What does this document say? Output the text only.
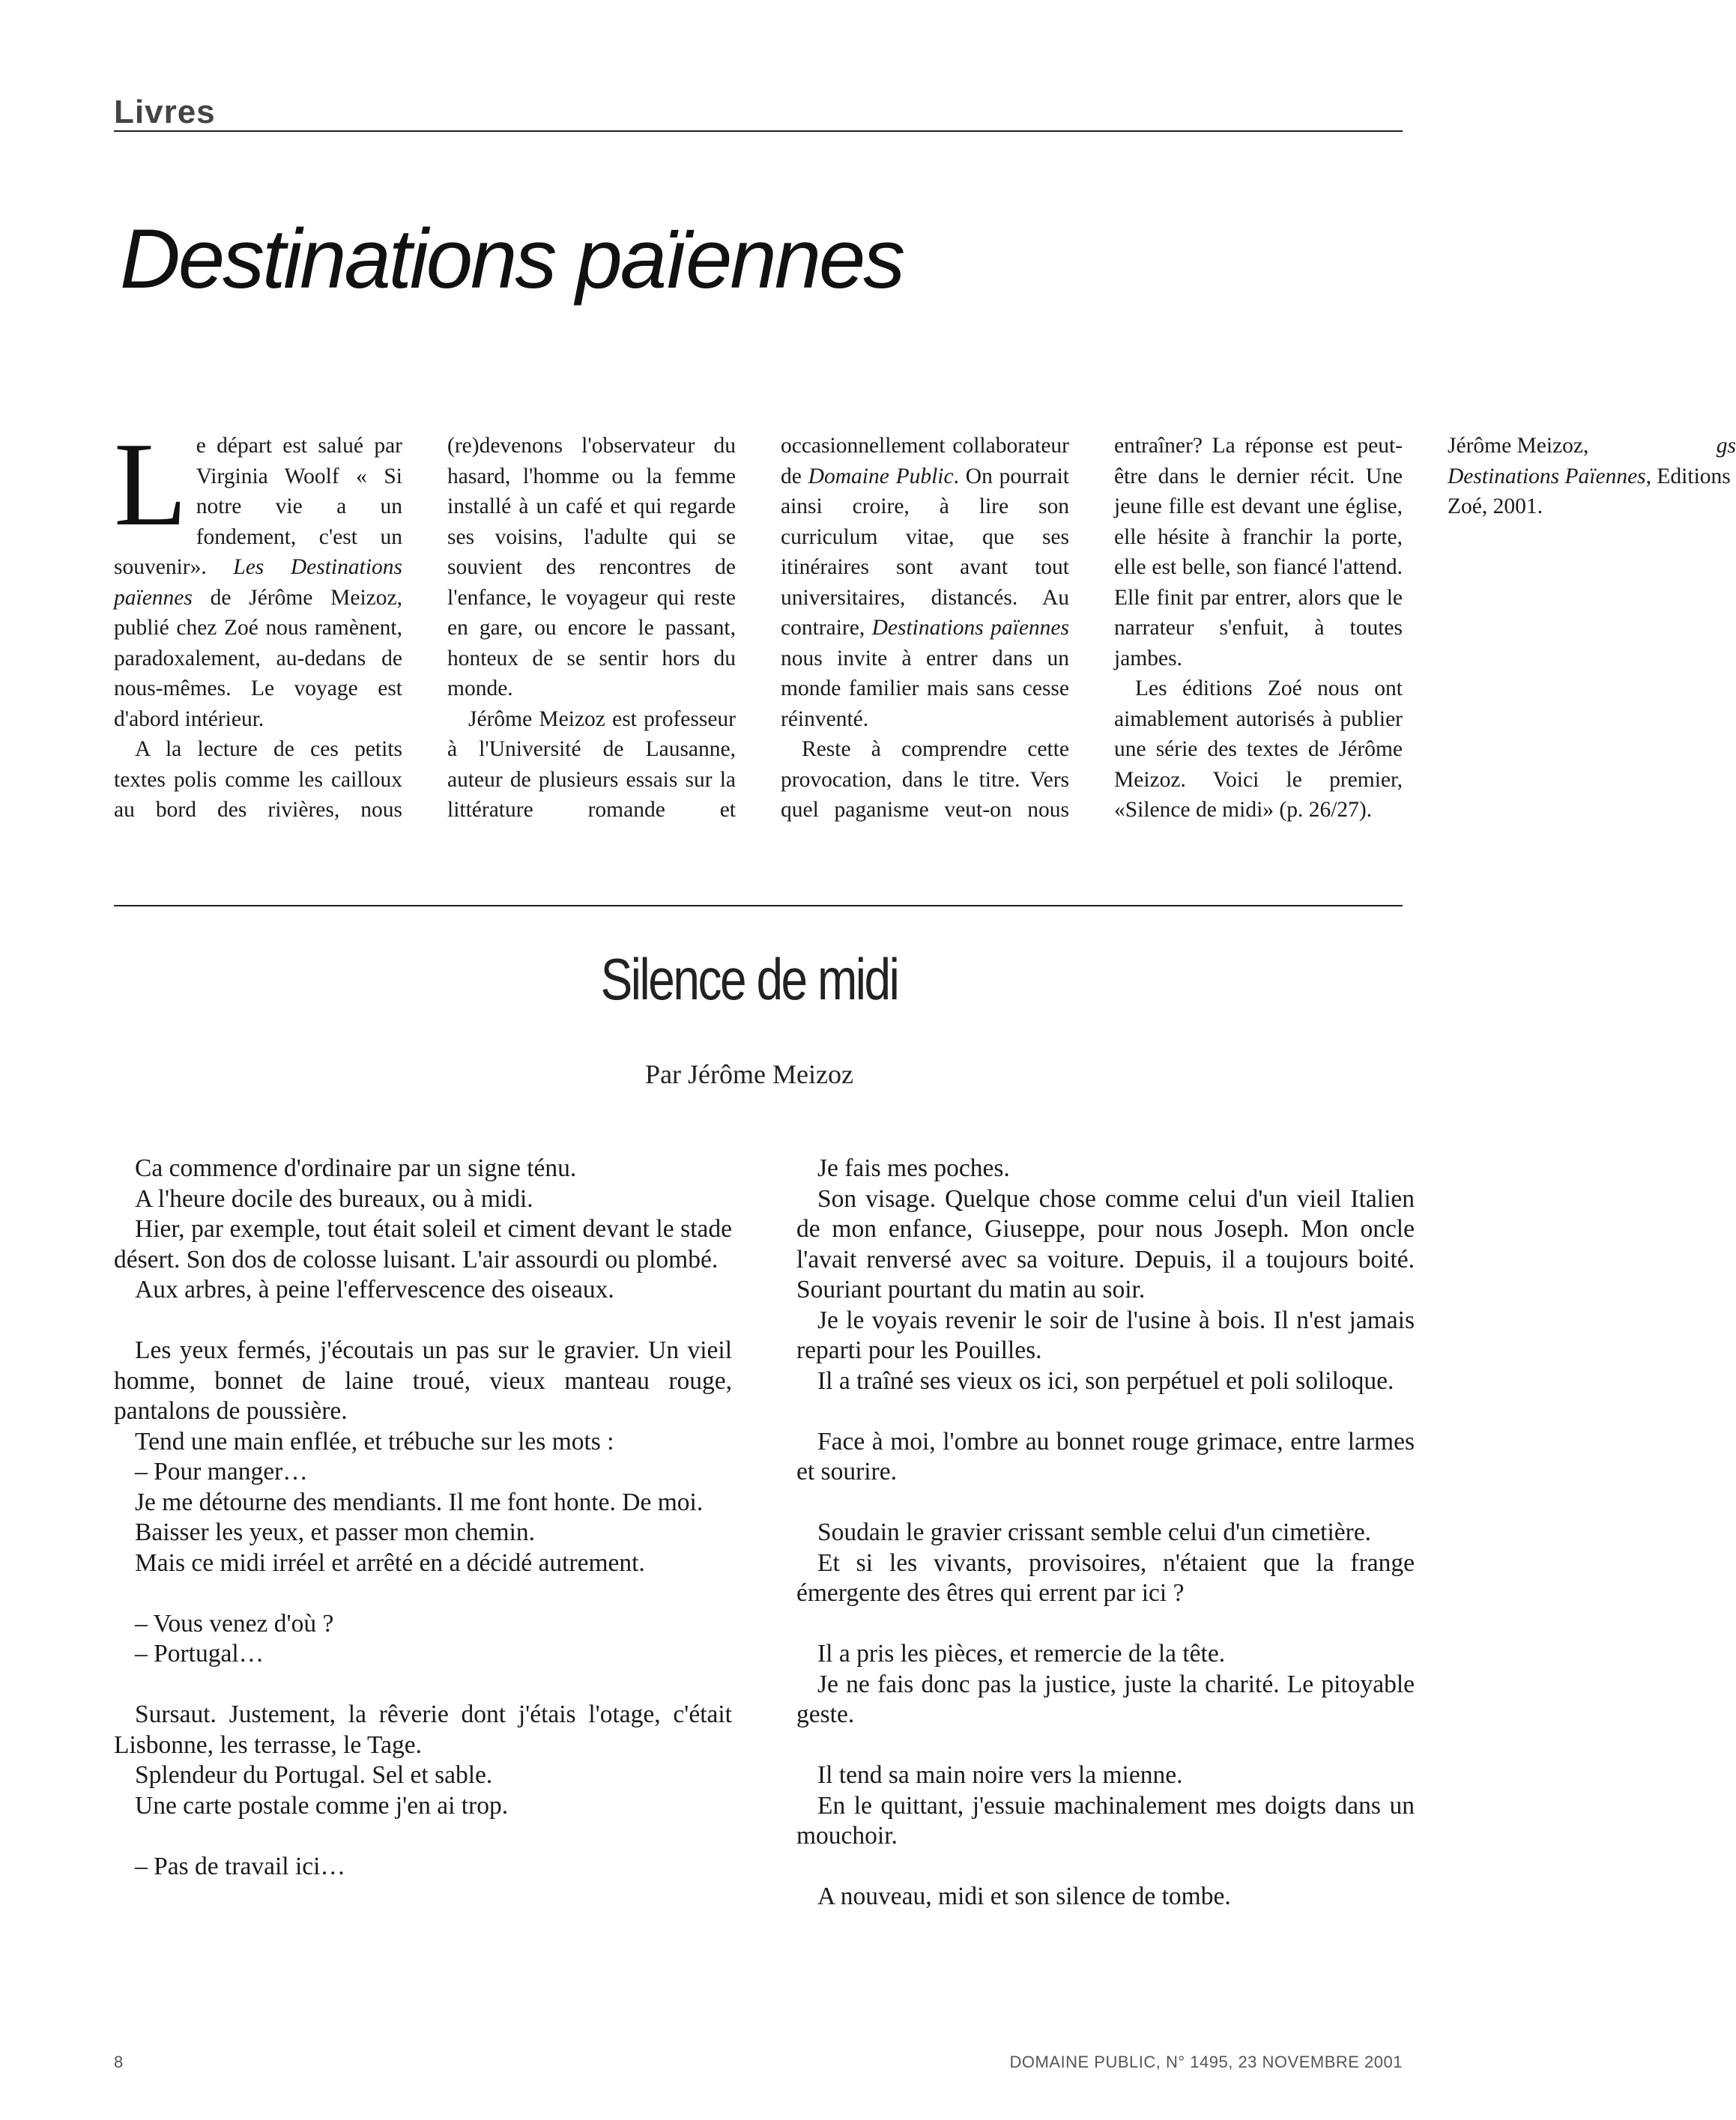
Livres
Destinations païennes

Le départ est salué par Virginia Woolf « Si notre vie a un fondement, c'est un souvenir». Les Destinations païennes de Jérôme Meizoz, publié chez Zoé nous ramènent, paradoxalement, au-dedans de nous-mêmes. Le voyage est d'abord intérieur.

A la lecture de ces petits textes polis comme les cailloux au bord des rivières, nous (re)devenons l'observateur du hasard, l'homme ou la femme installé à un café et qui regarde ses voisins, l'adulte qui se souvient des rencontres de l'enfance, le voyageur qui reste en gare, ou encore le passant, honteux de se sentir hors du monde.

Jérôme Meizoz est professeur à l'Université de Lausanne, auteur de plusieurs essais sur la littérature romande et occasionnellement collaborateur de Domaine Public. On pourrait ainsi croire, à lire son curriculum vitae, que ses itinéraires sont avant tout universitaires, distancés. Au contraire, Destinations païennes nous invite à entrer dans un monde familier mais sans cesse réinventé.

Reste à comprendre cette provocation, dans le titre. Vers quel paganisme veut-on nous entraîner? La réponse est peut-être dans le dernier récit. Une jeune fille est devant une église, elle hésite à franchir la porte, elle est belle, son fiancé l'attend. Elle finit par entrer, alors que le narrateur s'enfuit, à toutes jambes.

Les éditions Zoé nous ont aimablement autorisés à publier une série des textes de Jérôme Meizoz. Voici le premier, «Silence de midi» (p. 26/27).
gs

Jérôme Meizoz, Destinations Païennes, Editions Zoé, 2001.

Silence de midi

Par Jérôme Meizoz

Ca commence d'ordinaire par un signe ténu.

A l'heure docile des bureaux, ou à midi.

Hier, par exemple, tout était soleil et ciment devant le stade désert. Son dos de colosse luisant. L'air assourdi ou plombé.

Aux arbres, à peine l'effervescence des oiseaux.

Les yeux fermés, j'écoutais un pas sur le gravier. Un vieil homme, bonnet de laine troué, vieux manteau rouge, pantalons de poussière.

Tend une main enflée, et trébuche sur les mots :

– Pour manger…

Je me détourne des mendiants. Il me font honte. De moi.

Baisser les yeux, et passer mon chemin.

Mais ce midi irréel et arrêté en a décidé autrement.

– Vous venez d'où ?

– Portugal…

Sursaut. Justement, la rêverie dont j'étais l'otage, c'était Lisbonne, les terrasse, le Tage.

Splendeur du Portugal. Sel et sable.

Une carte postale comme j'en ai trop.

– Pas de travail ici…

Je fais mes poches.

Son visage. Quelque chose comme celui d'un vieil Italien de mon enfance, Giuseppe, pour nous Joseph. Mon oncle l'avait renversé avec sa voiture. Depuis, il a toujours boité. Souriant pourtant du matin au soir.

Je le voyais revenir le soir de l'usine à bois. Il n'est jamais reparti pour les Pouilles.

Il a traîné ses vieux os ici, son perpétuel et poli soliloque.

Face à moi, l'ombre au bonnet rouge grimace, entre larmes et sourire.

Soudain le gravier crissant semble celui d'un cimetière.

Et si les vivants, provisoires, n'étaient que la frange émergente des êtres qui errent par ici ?

Il a pris les pièces, et remercie de la tête.

Je ne fais donc pas la justice, juste la charité. Le pitoyable geste.

Il tend sa main noire vers la mienne.

En le quittant, j'essuie machinalement mes doigts dans un mouchoir.

A nouveau, midi et son silence de tombe.

8	DOMAINE PUBLIC, N° 1495, 23 NOVEMBRE 2001
